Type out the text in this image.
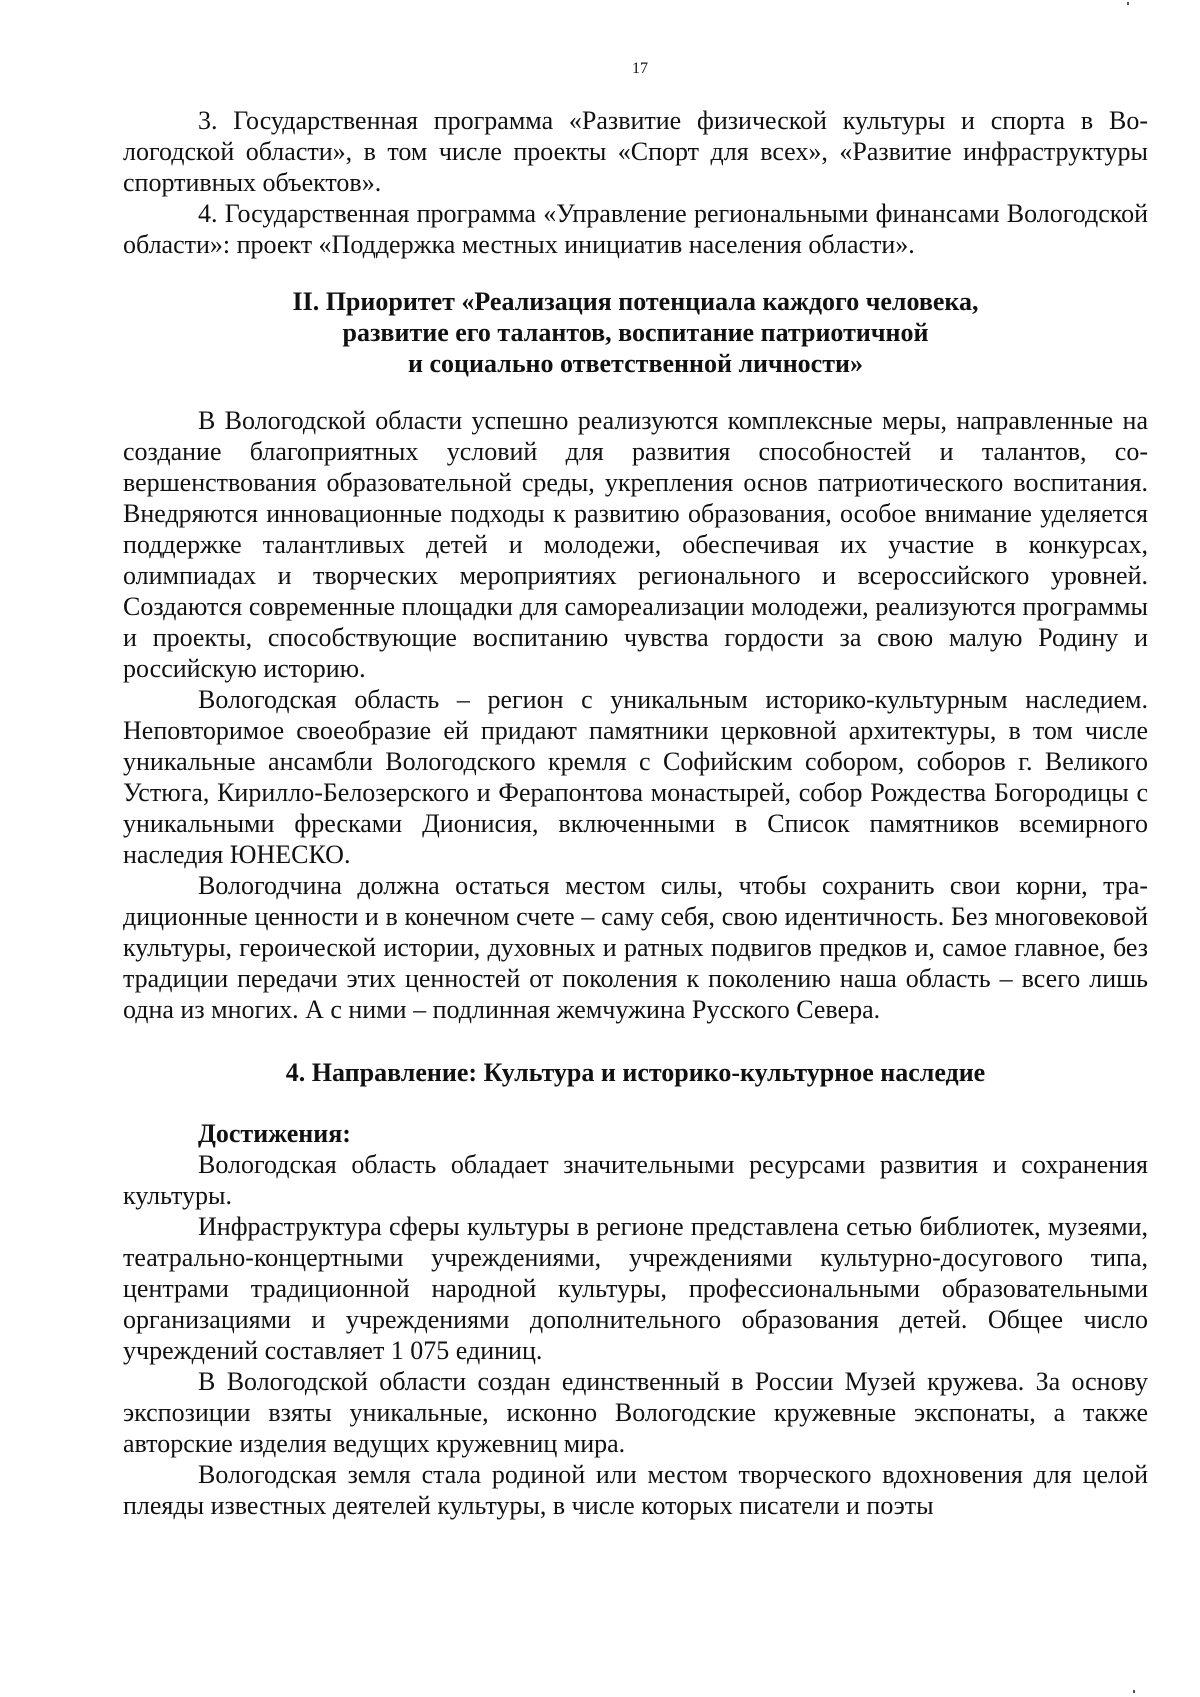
17

3. Государственная программа «Развитие физической культуры и спорта в Вологодской области», в том числе проекты «Спорт для всех», «Развитие инфраструктуры спортивных объектов».

4. Государственная программа «Управление региональными финансами Вологодской области»: проект «Поддержка местных инициатив населения области».

II. Приоритет «Реализация потенциала каждого человека,
развитие его талантов, воспитание патриотичной
и социально ответственной личности»

В Вологодской области успешно реализуются комплексные меры, направленные на создание благоприятных условий для развития способностей и талантов, совершенствования образовательной среды, укрепления основ патриотического воспитания. Внедряются инновационные подходы к развитию образования, особое внимание уделяется поддержке талантливых детей и молодежи, обеспечивая их участие в конкурсах, олимпиадах и творческих мероприятиях регионального и всероссийского уровней. Создаются современные площадки для самореализации молодежи, реализуются программы и проекты, способствующие воспитанию чувства гордости за свою малую Родину и российскую историю.

Вологодская область – регион с уникальным историко-культурным наследием. Неповторимое своеобразие ей придают памятники церковной архитектуры, в том числе уникальные ансамбли Вологодского кремля с Софийским собором, соборов г. Великого Устюга, Кирилло-Белозерского и Ферапонтова монастырей, собор Рождества Богородицы с уникальными фресками Дионисия, включенными в Список памятников всемирного наследия ЮНЕСКО.

Вологодчина должна остаться местом силы, чтобы сохранить свои корни, традиционные ценности и в конечном счете – саму себя, свою идентичность. Без многовековой культуры, героической истории, духовных и ратных подвигов предков и, самое главное, без традиции передачи этих ценностей от поколения к поколению наша область – всего лишь одна из многих. А с ними – подлинная жемчужина Русского Севера.

4. Направление: Культура и историко-культурное наследие
Достижения:

Вологодская область обладает значительными ресурсами развития и сохранения культуры.

Инфраструктура сферы культуры в регионе представлена сетью библиотек, музеями, театрально-концертными учреждениями, учреждениями культурно-досугового типа, центрами традиционной народной культуры, профессиональными образовательными организациями и учреждениями дополнительного образования детей. Общее число учреждений составляет 1 075 единиц.

В Вологодской области создан единственный в России Музей кружева. За основу экспозиции взяты уникальные, исконно Вологодские кружевные экспонаты, а также авторские изделия ведущих кружевниц мира.

Вологодская земля стала родиной или местом творческого вдохновения для целой плеяды известных деятелей культуры, в числе которых писатели и поэты
